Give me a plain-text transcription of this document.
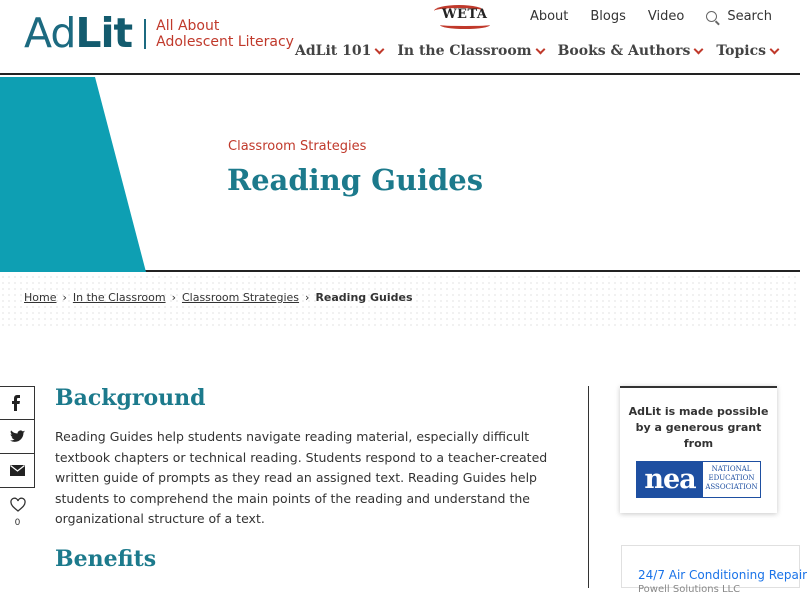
AdLit All About
Adolescent Literacy
WETA	About Blogs Video	Search
AdLit 101 In the Classroom Books & Authors Topics
Classroom Strategies
Reading Guides
Home › In the Classroom › Classroom Strategies › Reading Guides
0
Background

Reading Guides help students navigate reading material, especially difficult textbook chapters or technical reading. Students respond to a teacher-created written guide of prompts as they read an assigned text. Reading Guides help students to comprehend the main points of the reading and understand the organizational structure of a text.

Benefits
AdLit is made possible by a generous grant from
nea	NATIONAL
EDUCATION
ASSOCIATION
24/7 Air Conditioning Repair
Powell Solutions LLC
